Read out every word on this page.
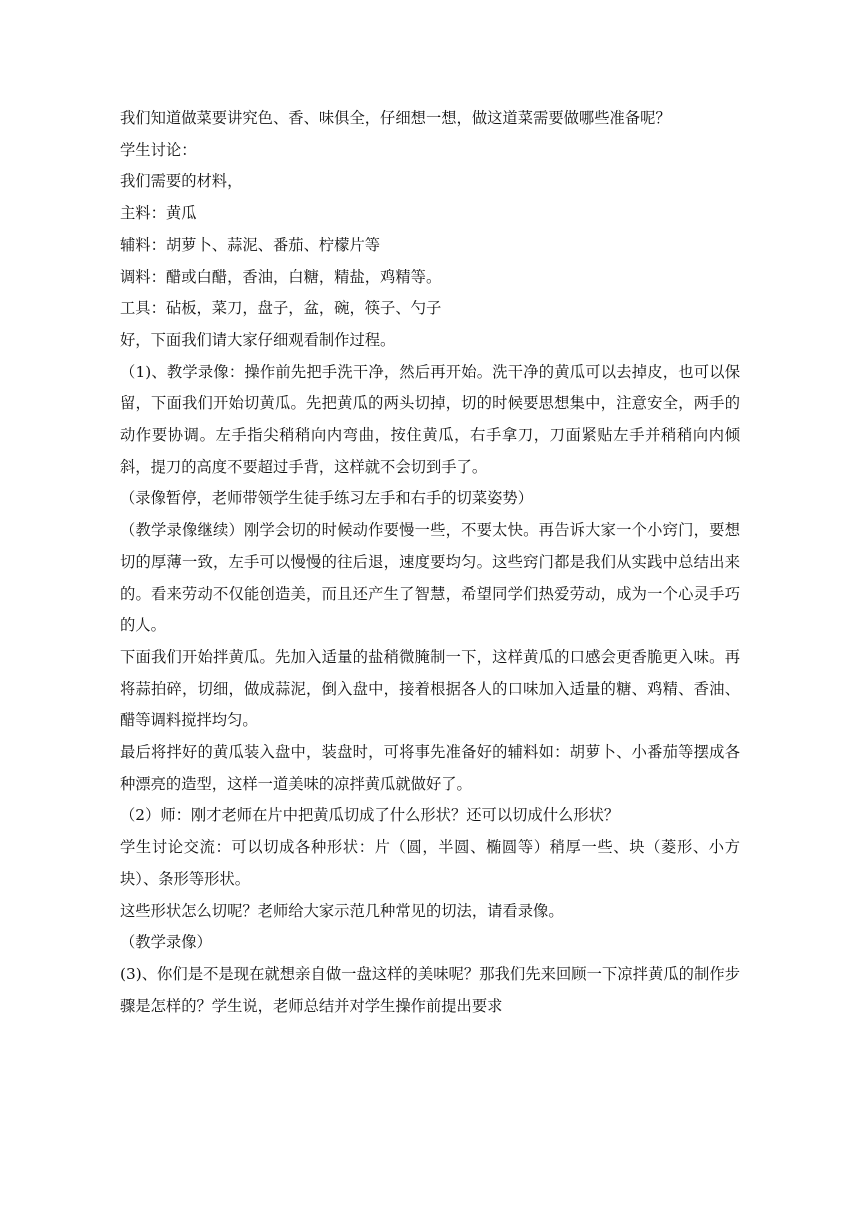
我们知道做菜要讲究色、香、味俱全，仔细想一想，做这道菜需要做哪些准备呢？

学生讨论：

我们需要的材料，

主料：黄瓜

辅料：胡萝卜、蒜泥、番茄、柠檬片等

调料：醋或白醋，香油，白糖，精盐，鸡精等。

工具：砧板，菜刀，盘子，盆，碗，筷子、勺子

好，下面我们请大家仔细观看制作过程。

（1)、教学录像：操作前先把手洗干净，然后再开始。洗干净的黄瓜可以去掉皮，也可以保留，下面我们开始切黄瓜。先把黄瓜的两头切掉，切的时候要思想集中，注意安全，两手的动作要协调。左手指尖稍稍向内弯曲，按住黄瓜，右手拿刀，刀面紧贴左手并稍稍向内倾斜，提刀的高度不要超过手背，这样就不会切到手了。

（录像暂停，老师带领学生徒手练习左手和右手的切菜姿势）

（教学录像继续）刚学会切的时候动作要慢一些，不要太快。再告诉大家一个小窍门，要想切的厚薄一致，左手可以慢慢的往后退，速度要均匀。这些窍门都是我们从实践中总结出来的。看来劳动不仅能创造美，而且还产生了智慧，希望同学们热爱劳动，成为一个心灵手巧的人。

下面我们开始拌黄瓜。先加入适量的盐稍微腌制一下，这样黄瓜的口感会更香脆更入味。再将蒜拍碎，切细，做成蒜泥，倒入盘中，接着根据各人的口味加入适量的糖、鸡精、香油、醋等调料搅拌均匀。

最后将拌好的黄瓜装入盘中，装盘时，可将事先准备好的辅料如：胡萝卜、小番茄等摆成各种漂亮的造型，这样一道美味的凉拌黄瓜就做好了。

（2）师：刚才老师在片中把黄瓜切成了什么形状？还可以切成什么形状？

学生讨论交流：可以切成各种形状：片（圆，半圆、椭圆等）稍厚一些、块（菱形、小方块）、条形等形状。

这些形状怎么切呢？老师给大家示范几种常见的切法，请看录像。

（教学录像）

(3)、你们是不是现在就想亲自做一盘这样的美味呢？那我们先来回顾一下凉拌黄瓜的制作步骤是怎样的？学生说，老师总结并对学生操作前提出要求
